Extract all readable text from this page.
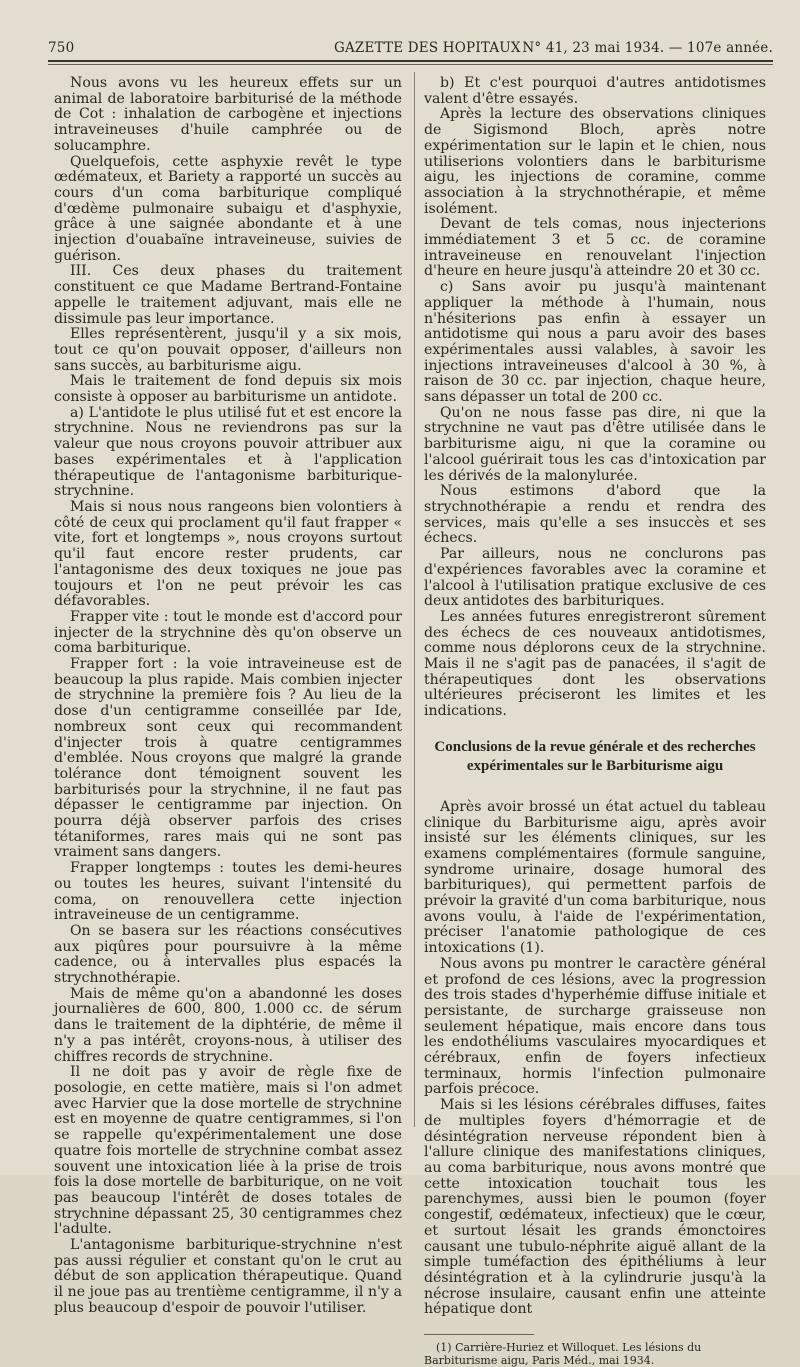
750	GAZETTE DES HOPITAUX N° 41, 23 mai 1934. — 107e année.

Nous avons vu les heureux effets sur un animal de laboratoire barbiturisé de la méthode de Cot : inhalation de carbogène et injections intraveineuses d'huile camphrée ou de solucamphre.

Quelquefois, cette asphyxie revêt le type œdémateux, et Bariety a rapporté un succès au cours d'un coma barbiturique compliqué d'œdème pulmonaire subaigu et d'asphyxie, grâce à une saignée abondante et à une injection d'ouabaïne intraveineuse, suivies de guérison.

III. Ces deux phases du traitement constituent ce que Madame Bertrand-Fontaine appelle le traitement adjuvant, mais elle ne dissimule pas leur importance.

Elles représentèrent, jusqu'il y a six mois, tout ce qu'on pouvait opposer, d'ailleurs non sans succès, au barbiturisme aigu.

Mais le traitement de fond depuis six mois consiste à opposer au barbiturisme un antidote.

a) L'antidote le plus utilisé fut et est encore la strychnine. Nous ne reviendrons pas sur la valeur que nous croyons pouvoir attribuer aux bases expérimentales et à l'application thérapeutique de l'antagonisme barbiturique-strychnine.

Mais si nous nous rangeons bien volontiers à côté de ceux qui proclament qu'il faut frapper « vite, fort et longtemps », nous croyons surtout qu'il faut encore rester prudents, car l'antagonisme des deux toxiques ne joue pas toujours et l'on ne peut prévoir les cas défavorables.

Frapper vite : tout le monde est d'accord pour injecter de la strychnine dès qu'on observe un coma barbiturique.

Frapper fort : la voie intraveineuse est de beaucoup la plus rapide. Mais combien injecter de strychnine la première fois ? Au lieu de la dose d'un centigramme conseillée par Ide, nombreux sont ceux qui recommandent d'injecter trois à quatre centigrammes d'emblée. Nous croyons que malgré la grande tolérance dont témoignent souvent les barbiturisés pour la strychnine, il ne faut pas dépasser le centigramme par injection. On pourra déjà observer parfois des crises tétaniformes, rares mais qui ne sont pas vraiment sans dangers.

Frapper longtemps : toutes les demi-heures ou toutes les heures, suivant l'intensité du coma, on renouvellera cette injection intraveineuse de un centigramme.

On se basera sur les réactions consécutives aux piqûres pour poursuivre à la même cadence, ou à intervalles plus espacés la strychnothérapie.

Mais de même qu'on a abandonné les doses journalières de 600, 800, 1.000 cc. de sérum dans le traitement de la diphtérie, de même il n'y a pas intérêt, croyons-nous, à utiliser des chiffres records de strychnine.

Il ne doit pas y avoir de règle fixe de posologie, en cette matière, mais si l'on admet avec Harvier que la dose mortelle de strychnine est en moyenne de quatre centigrammes, si l'on se rappelle qu'expérimentalement une dose quatre fois mortelle de strychnine combat assez souvent une intoxication liée à la prise de trois fois la dose mortelle de barbiturique, on ne voit pas beaucoup l'intérêt de doses totales de strychnine dépassant 25, 30 centigrammes chez l'adulte.

L'antagonisme barbiturique-strychnine n'est pas aussi régulier et constant qu'on le crut au début de son application thérapeutique. Quand il ne joue pas au trentième centigramme, il n'y a plus beaucoup d'espoir de pouvoir l'utiliser.

b) Et c'est pourquoi d'autres antidotismes valent d'être essayés.

Après la lecture des observations cliniques de Sigismond Bloch, après notre expérimentation sur le lapin et le chien, nous utiliserions volontiers dans le barbiturisme aigu, les injections de coramine, comme association à la strychnothérapie, et même isolément.

Devant de tels comas, nous injecterions immédiatement 3 et 5 cc. de coramine intraveineuse en renouvelant l'injection d'heure en heure jusqu'à atteindre 20 et 30 cc.

c) Sans avoir pu jusqu'à maintenant appliquer la méthode à l'humain, nous n'hésiterions pas enfin à essayer un antidotisme qui nous a paru avoir des bases expérimentales aussi valables, à savoir les injections intraveineuses d'alcool à 30 %, à raison de 30 cc. par injection, chaque heure, sans dépasser un total de 200 cc.

Qu'on ne nous fasse pas dire, ni que la strychnine ne vaut pas d'être utilisée dans le barbiturisme aigu, ni que la coramine ou l'alcool guérirait tous les cas d'intoxication par les dérivés de la malonylurée.

Nous estimons d'abord que la strychnothérapie a rendu et rendra des services, mais qu'elle a ses insuccès et ses échecs.

Par ailleurs, nous ne conclurons pas d'expériences favorables avec la coramine et l'alcool à l'utilisation pratique exclusive de ces deux antidotes des barbituriques.

Les années futures enregistreront sûrement des échecs de ces nouveaux antidotismes, comme nous déplorons ceux de la strychnine. Mais il ne s'agit pas de panacées, il s'agit de thérapeutiques dont les observations ultérieures préciseront les limites et les indications.

Conclusions de la revue générale et des recherches
expérimentales sur le Barbiturisme aigu

Après avoir brossé un état actuel du tableau clinique du Barbiturisme aigu, après avoir insisté sur les éléments cliniques, sur les examens complémentaires (formule sanguine, syndrome urinaire, dosage humoral des barbituriques), qui permettent parfois de prévoir la gravité d'un coma barbiturique, nous avons voulu, à l'aide de l'expérimentation, préciser l'anatomie pathologique de ces intoxications (1).

Nous avons pu montrer le caractère général et profond de ces lésions, avec la progression des trois stades d'hyperhémie diffuse initiale et persistante, de surcharge graisseuse non seulement hépatique, mais encore dans tous les endothéliums vasculaires myocardiques et cérébraux, enfin de foyers infectieux terminaux, hormis l'infection pulmonaire parfois précoce.

Mais si les lésions cérébrales diffuses, faites de multiples foyers d'hémorragie et de désintégration nerveuse répondent bien à l'allure clinique des manifestations cliniques, au coma barbiturique, nous avons montré que cette intoxication touchait tous les parenchymes, aussi bien le poumon (foyer congestif, œdémateux, infectieux) que le cœur, et surtout lésait les grands émonctoires causant une tubulo-néphrite aiguë allant de la simple tuméfaction des épithéliums à leur désintégration et à la cylindrurie jusqu'à la nécrose insulaire, causant enfin une atteinte hépatique dont

(1) Carrière-Huriez et Willoquet. Les lésions du Barbiturisme aigu, Paris Méd., mai 1934.
